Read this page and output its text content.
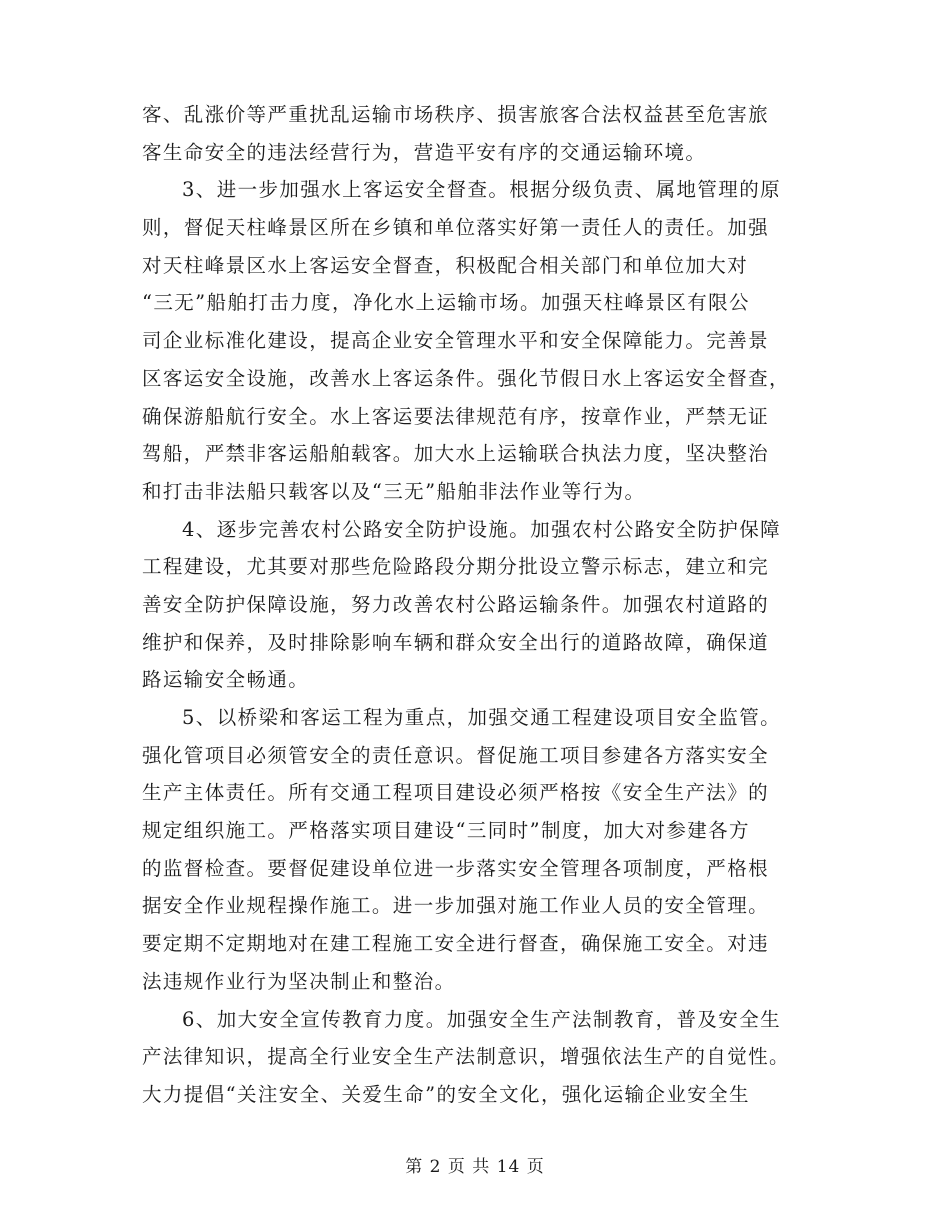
客、乱涨价等严重扰乱运输市场秩序、损害旅客合法权益甚至危害旅
客生命安全的违法经营行为，营造平安有序的交通运输环境。
3、进一步加强水上客运安全督查。根据分级负责、属地管理的原
则，督促天柱峰景区所在乡镇和单位落实好第一责任人的责任。加强
对天柱峰景区水上客运安全督查，积极配合相关部门和单位加大对
“三无”船舶打击力度，净化水上运输市场。加强天柱峰景区有限公
司企业标准化建设，提高企业安全管理水平和安全保障能力。完善景
区客运安全设施，改善水上客运条件。强化节假日水上客运安全督查，
确保游船航行安全。水上客运要法律规范有序，按章作业，严禁无证
驾船，严禁非客运船舶载客。加大水上运输联合执法力度，坚决整治
和打击非法船只载客以及“三无”船舶非法作业等行为。
4、逐步完善农村公路安全防护设施。加强农村公路安全防护保障
工程建设，尤其要对那些危险路段分期分批设立警示标志，建立和完
善安全防护保障设施，努力改善农村公路运输条件。加强农村道路的
维护和保养，及时排除影响车辆和群众安全出行的道路故障，确保道
路运输安全畅通。
5、以桥梁和客运工程为重点，加强交通工程建设项目安全监管。
强化管项目必须管安全的责任意识。督促施工项目参建各方落实安全
生产主体责任。所有交通工程项目建设必须严格按《安全生产法》的
规定组织施工。严格落实项目建设“三同时”制度，加大对参建各方
的监督检查。要督促建设单位进一步落实安全管理各项制度，严格根
据安全作业规程操作施工。进一步加强对施工作业人员的安全管理。
要定期不定期地对在建工程施工安全进行督查，确保施工安全。对违
法违规作业行为坚决制止和整治。
6、加大安全宣传教育力度。加强安全生产法制教育，普及安全生
产法律知识，提高全行业安全生产法制意识，增强依法生产的自觉性。
大力提倡“关注安全、关爱生命”的安全文化，强化运输企业安全生
第 2 页 共 14 页
